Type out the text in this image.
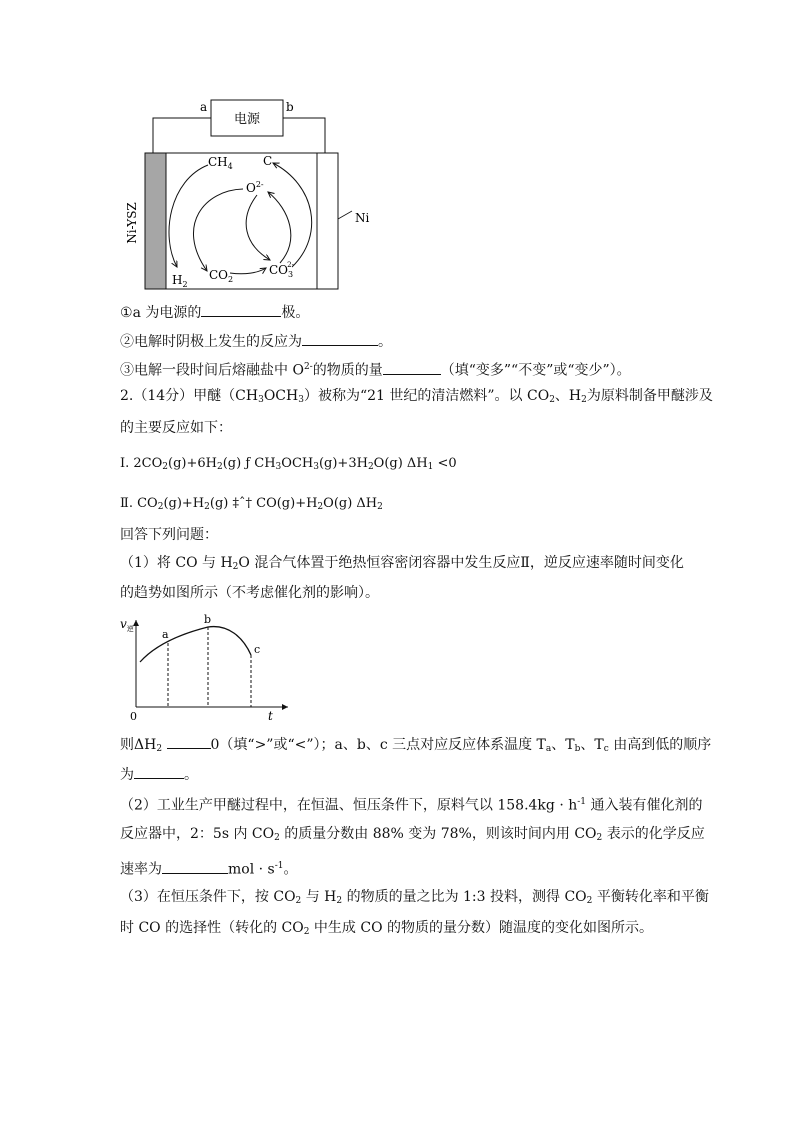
电源
a	b
Ni-YSZ	Ni
$CH_4$	C
$O^{2-}$
$H_2$
$CO_2$
$CO_32-$
①a 为电源的	极。
②电解时阴极上发生的反应为	。
③电解一段时间后熔融盐中 $O^{2-}$的物质的量	（填“变多”“不变”或“变少”）。
2.（14分）甲醚$(CH_3OCH_3)$被称为“21 世纪的清洁燃料”。以 $CO_2$、$H_2$为原料制备甲醚涉及
的主要反应如下：
Ⅰ. $2CO_2(g)+6H_2(g)$ ƒ $CH_3OCH_3(g)+3H_2O(g)$ $\Delta H_1 <0$
Ⅱ. $CO_2(g)+H_2(g)$ ‡ˆ† $CO(g)+H_2O(g)$ $\Delta H_2$
回答下列问题：
（1）将 CO 与 $H_2O$ 混合气体置于绝热恒容密闭容器中发生反应Ⅱ，逆反应速率随时间变化
的趋势如图所示（不考虑催化剂的影响）。
$v_逆$
t
0
a
b
c
则$\Delta H_2$	0（填“>”或“<”）；a、b、c 三点对应反应体系温度 $T_a$、$T_b$、$T_c$ 由高到低的顺序
为	。
（2）工业生产甲醚过程中，在恒温、恒压条件下，原料气以 $158.4kg \cdot h^{-1}$ 通入装有催化剂的
反应器中，2：5s 内 $CO_2$ 的质量分数由 88% 变为 78%，则该时间内用 $CO_2$ 表示的化学反应
速率为	mol · $s^{-1}$。
（3）在恒压条件下，按 $CO_2$ 与 $H_2$ 的物质的量之比为 1:3 投料，测得 $CO_2$ 平衡转化率和平衡
时 CO 的选择性（转化的 $CO_2$ 中生成 CO 的物质的量分数）随温度的变化如图所示。
